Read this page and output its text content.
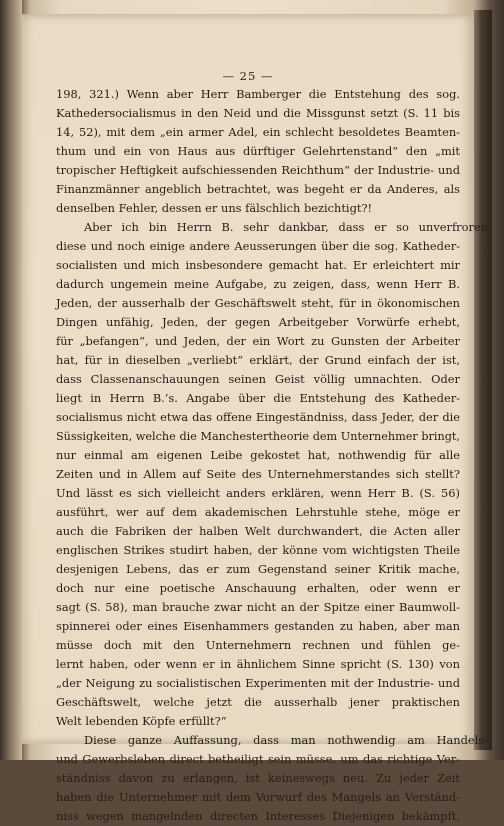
— 25 —
198, 321.) Wenn aber Herr Bamberger die Entstehung des sog.
Kathedersocialismus in den Neid und die Missgunst setzt (S. 11 bis
14, 52), mit dem „ein armer Adel, ein schlecht besoldetes Beamten-
thum und ein von Haus aus dürftiger Gelehrtenstand“ den „mit
tropischer Heftigkeit aufschiessenden Reichthum“ der Industrie- und
Finanzmänner angeblich betrachtet, was begeht er da Anderes, als
denselben Fehler, dessen er uns fälschlich bezichtigt?!
Aber ich bin Herrn B. sehr dankbar, dass er so unverfroren
diese und noch einige andere Aeusserungen über die sog. Katheder-
socialisten und mich insbesondere gemacht hat. Er erleichtert mir
dadurch ungemein meine Aufgabe, zu zeigen, dass, wenn Herr B.
Jeden, der ausserhalb der Geschäftswelt steht, für in ökonomischen
Dingen unfähig, Jeden, der gegen Arbeitgeber Vorwürfe erhebt,
für „befangen“, und Jeden, der ein Wort zu Gunsten der Arbeiter
hat, für in dieselben „verliebt“ erklärt, der Grund einfach der ist,
dass Classenanschauungen seinen Geist völlig umnachten. Oder
liegt in Herrn B.’s. Angabe über die Entstehung des Katheder-
socialismus nicht etwa das offene Eingeständniss, dass Jeder, der die
Süssigkeiten, welche die Manchestertheorie dem Unternehmer bringt,
nur einmal am eigenen Leibe gekostet hat, nothwendig für alle
Zeiten und in Allem auf Seite des Unternehmerstandes sich stellt?
Und lässt es sich vielleicht anders erklären, wenn Herr B. (S. 56)
ausführt, wer auf dem akademischen Lehrstuhle stehe, möge er
auch die Fabriken der halben Welt durchwandert, die Acten aller
englischen Strikes studirt haben, der könne vom wichtigsten Theile
desjenigen Lebens, das er zum Gegenstand seiner Kritik mache,
doch nur eine poetische Anschauung erhalten, oder wenn er
sagt (S. 58), man brauche zwar nicht an der Spitze einer Baumwoll-
spinnerei oder eines Eisenhammers gestanden zu haben, aber man
müsse doch mit den Unternehmern rechnen und fühlen ge-
lernt haben, oder wenn er in ähnlichem Sinne spricht (S. 130) von
„der Neigung zu socialistischen Experimenten mit der Industrie- und
Geschäftswelt, welche jetzt die ausserhalb jener praktischen
Welt lebenden Köpfe erfüllt?“
Diese ganze Auffassung, dass man nothwendig am Handels-
und Gewerbsleben direct betheiligt sein müsse, um das richtige Ver-
ständniss davon zu erlangen, ist keineswegs neu. Zu jeder Zeit
haben die Unternehmer mit dem Vorwurf des Mangels an Verständ-
niss wegen mangelnden directen Interesses Diejenigen bekämpft,
